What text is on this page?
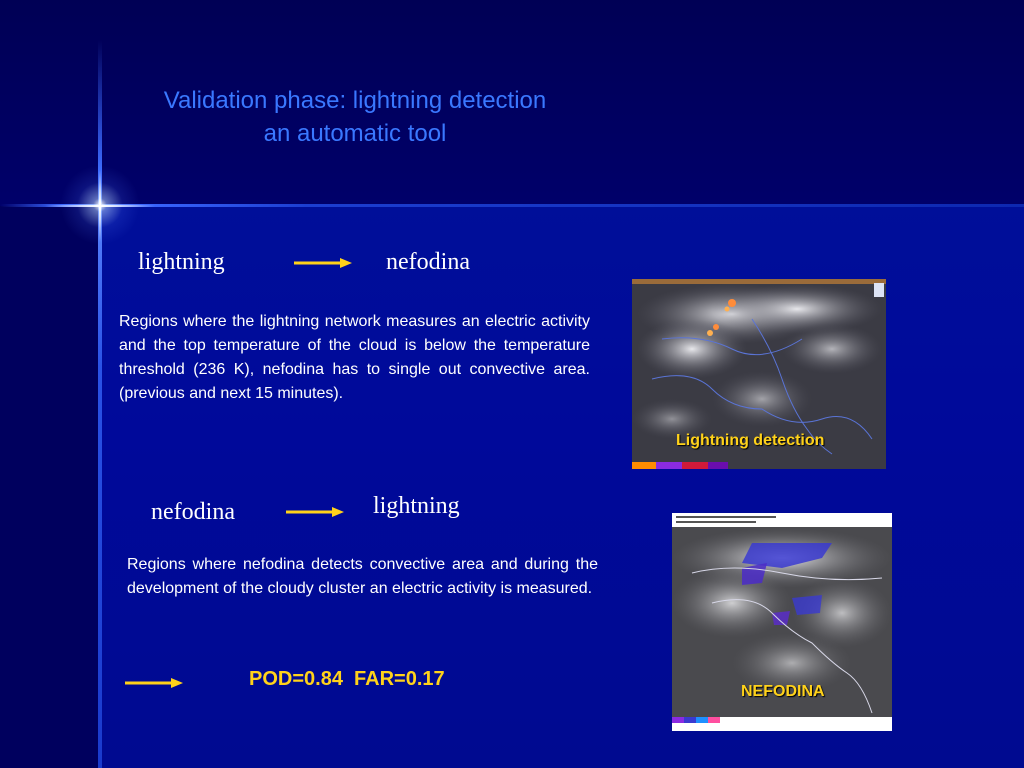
Validation phase: lightning detection
an automatic tool
lightning	nefodina
Regions where the lightning network measures an electric activity and the top temperature of the cloud is below the temperature threshold (236 K), nefodina has to single out convective area. (previous and next 15 minutes).
Lightning detection
nefodina	lightning
Regions where nefodina detects convective area and during the development of the cloudy cluster an electric activity is measured.
NEFODINA
POD=0.84  FAR=0.17
